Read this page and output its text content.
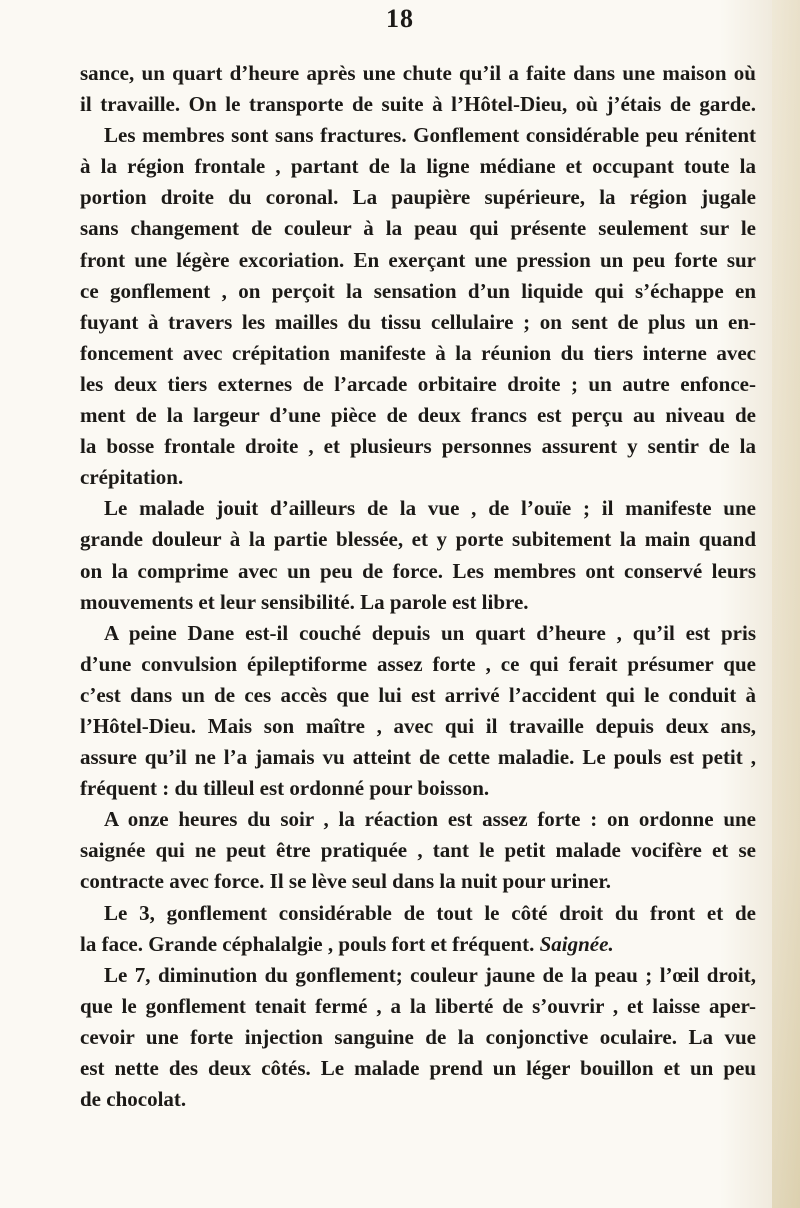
18
sance, un quart d’heure après une chute qu’il a faite dans une maison où
il travaille. On le transporte de suite à l’Hôtel-Dieu, où j’étais de garde.
Les membres sont sans fractures. Gonflement considérable peu rénitent
à la région frontale , partant de la ligne médiane et occupant toute la
portion droite du coronal. La paupière supérieure, la région jugale
sans changement de couleur à la peau qui présente seulement sur le
front une légère excoriation. En exerçant une pression un peu forte sur
ce gonflement , on perçoit la sensation d’un liquide qui s’échappe en
fuyant à travers les mailles du tissu cellulaire ; on sent de plus un en-
foncement avec crépitation manifeste à la réunion du tiers interne avec
les deux tiers externes de l’arcade orbitaire droite ; un autre enfonce-
ment de la largeur d’une pièce de deux francs est perçu au niveau de
la bosse frontale droite , et plusieurs personnes assurent y sentir de la
crépitation.
Le malade jouit d’ailleurs de la vue , de l’ouïe ; il manifeste une
grande douleur à la partie blessée, et y porte subitement la main quand
on la comprime avec un peu de force. Les membres ont conservé leurs
mouvements et leur sensibilité. La parole est libre.
A peine Dane est-il couché depuis un quart d’heure , qu’il est pris
d’une convulsion épileptiforme assez forte , ce qui ferait présumer que
c’est dans un de ces accès que lui est arrivé l’accident qui le conduit à
l’Hôtel-Dieu. Mais son maître , avec qui il travaille depuis deux ans,
assure qu’il ne l’a jamais vu atteint de cette maladie. Le pouls est petit ,
fréquent : du tilleul est ordonné pour boisson.
A onze heures du soir , la réaction est assez forte : on ordonne une
saignée qui ne peut être pratiquée , tant le petit malade vocifère et se
contracte avec force. Il se lève seul dans la nuit pour uriner.
Le 3, gonflement considérable de tout le côté droit du front et de
la face. Grande céphalalgie , pouls fort et fréquent. Saignée.
Le 7, diminution du gonflement; couleur jaune de la peau ; l’œil droit,
que le gonflement tenait fermé , a la liberté de s’ouvrir , et laisse aper-
cevoir une forte injection sanguine de la conjonctive oculaire. La vue
est nette des deux côtés. Le malade prend un léger bouillon et un peu
de chocolat.
